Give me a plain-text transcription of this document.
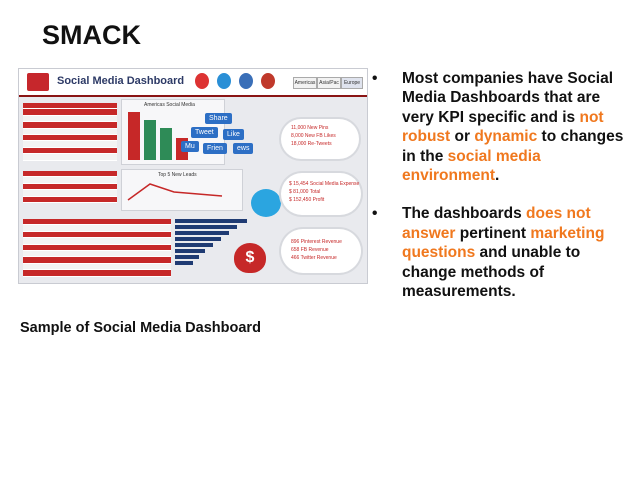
SMACK
Social Media Dashboard	Americas Asia/Pac	Europe
Americas Social Media
Share
Tweet	Like
Mu	Frien	ews
11,000 New Pins
8,000 New FB Likes
18,000 Re-Tweets
Top 5 New Leads
$ 15,454 Social Media Expense
$ 81,000 Total
$ 152,450 Profit
$
896 Pinterest Revenue
658 FB Revenue
466 Twitter Revenue
Sample of Social Media Dashboard
• Most companies have Social Media Dashboards that are very KPI specific and is not robust or dynamic to changes in the social media environment.
• The dashboards does not answer pertinent marketing questions and unable to change methods of measurements.
